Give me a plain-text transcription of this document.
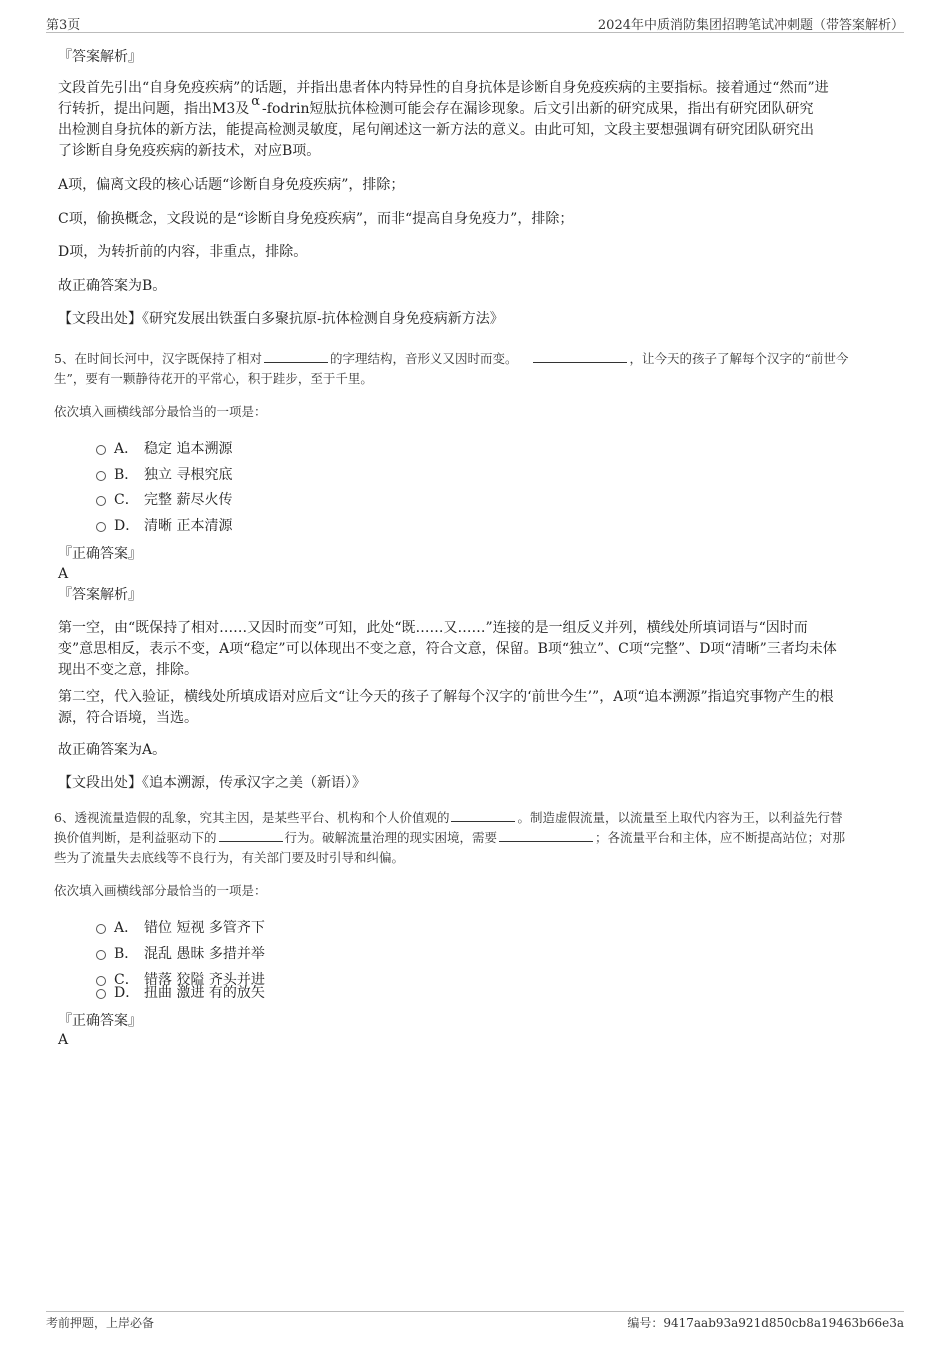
第3页	2024年中质消防集团招聘笔试冲刺题（带答案解析）
『答案解析』

文段首先引出“自身免疫疾病”的话题，并指出患者体内特异性的自身抗体是诊断自身免疫疾病的主要指标。接着通过“然而”进

行转折，提出问题，指出M3及 α -fodrin短肽抗体检测可能会存在漏诊现象。后文引出新的研究成果，指出有研究团队研究

出检测自身抗体的新方法，能提高检测灵敏度，尾句阐述这一新方法的意义。由此可知，文段主要想强调有研究团队研究出

了诊断自身免疫疾病的新技术，对应B项。

A项，偏离文段的核心话题“诊断自身免疫疾病”，排除；
C项，偷换概念，文段说的是“诊断自身免疫疾病”，而非“提高自身免疫力”，排除；
D项，为转折前的内容，非重点，排除。
故正确答案为B。
【文段出处】《研究发展出铁蛋白多聚抗原-抗体检测自身免疫病新方法》

5、在时间长河中，汉字既保持了相对	的字理结构，音形义又因时而变。	，让今天的孩子了解每个汉字的“前世今

生”，要有一颗静待花开的平常心，积于跬步，至于千里。

依次填入画横线部分最恰当的一项是：
A． 稳定 追本溯源
B． 独立 寻根究底
C． 完整 薪尽火传
D． 清晰 正本清源
『正确答案』
A
『答案解析』

第一空，由“既保持了相对……又因时而变”可知，此处“既……又……”连接的是一组反义并列，横线处所填词语与“因时而

变”意思相反，表示不变，A项“稳定”可以体现出不变之意，符合文意，保留。B项“独立”、C项“完整”、D项“清晰”三者均未体

现出不变之意，排除。

第二空，代入验证，横线处所填成语对应后文“让今天的孩子了解每个汉字的‘前世今生’”，A项“追本溯源”指追究事物产生的根

源，符合语境，当选。

故正确答案为A。
【文段出处】《追本溯源，传承汉字之美（新语）》

6、透视流量造假的乱象，究其主因，是某些平台、机构和个人价值观的	。制造虚假流量，以流量至上取代内容为王，以利益先行替

换价值判断，是利益驱动下的	行为。破解流量治理的现实困境，需要	；各流量平台和主体，应不断提高站位；对那

些为了流量失去底线等不良行为，有关部门要及时引导和纠偏。

依次填入画横线部分最恰当的一项是：
A． 错位 短视 多管齐下
B． 混乱 愚昧 多措并举
C． 错落 狡隘 齐头并进
D． 扭曲 激进 有的放矢
『正确答案』
A
考前押题，上岸必备	编号：9417aab93a921d850cb8a19463b66e3a
